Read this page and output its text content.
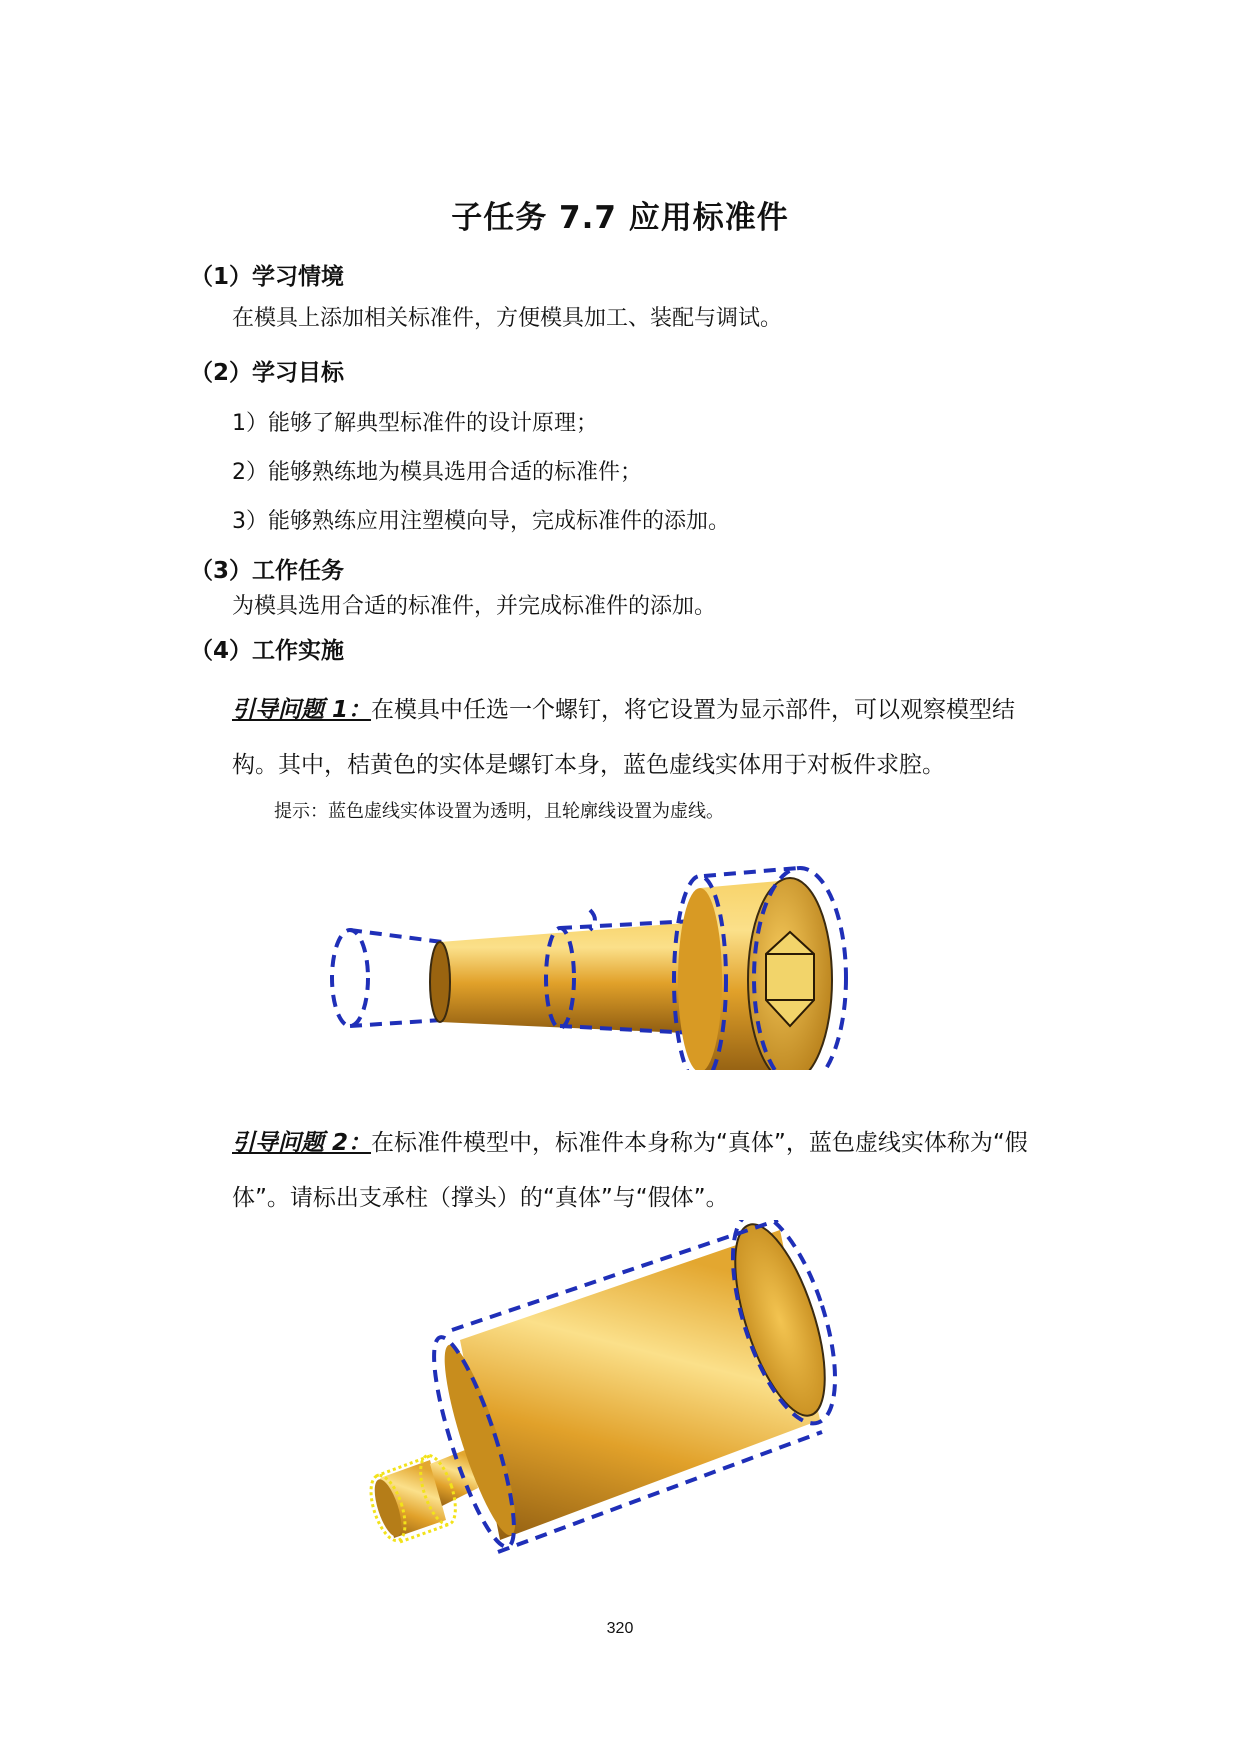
子任务 7.7 应用标准件
（1）学习情境
在模具上添加相关标准件，方便模具加工、装配与调试。
（2）学习目标
1）能够了解典型标准件的设计原理；
2）能够熟练地为模具选用合适的标准件；
3）能够熟练应用注塑模向导，完成标准件的添加。
（3）工作任务
为模具选用合适的标准件，并完成标准件的添加。
（4）工作实施
引导问题 1：在模具中任选一个螺钉，将它设置为显示部件，可以观察模型结构。其中，桔黄色的实体是螺钉本身，蓝色虚线实体用于对板件求腔。
提示：蓝色虚线实体设置为透明，且轮廓线设置为虚线。
引导问题 2：在标准件模型中，标准件本身称为“真体”，蓝色虚线实体称为“假体”。请标出支承柱（撑头）的“真体”与“假体”。
320
